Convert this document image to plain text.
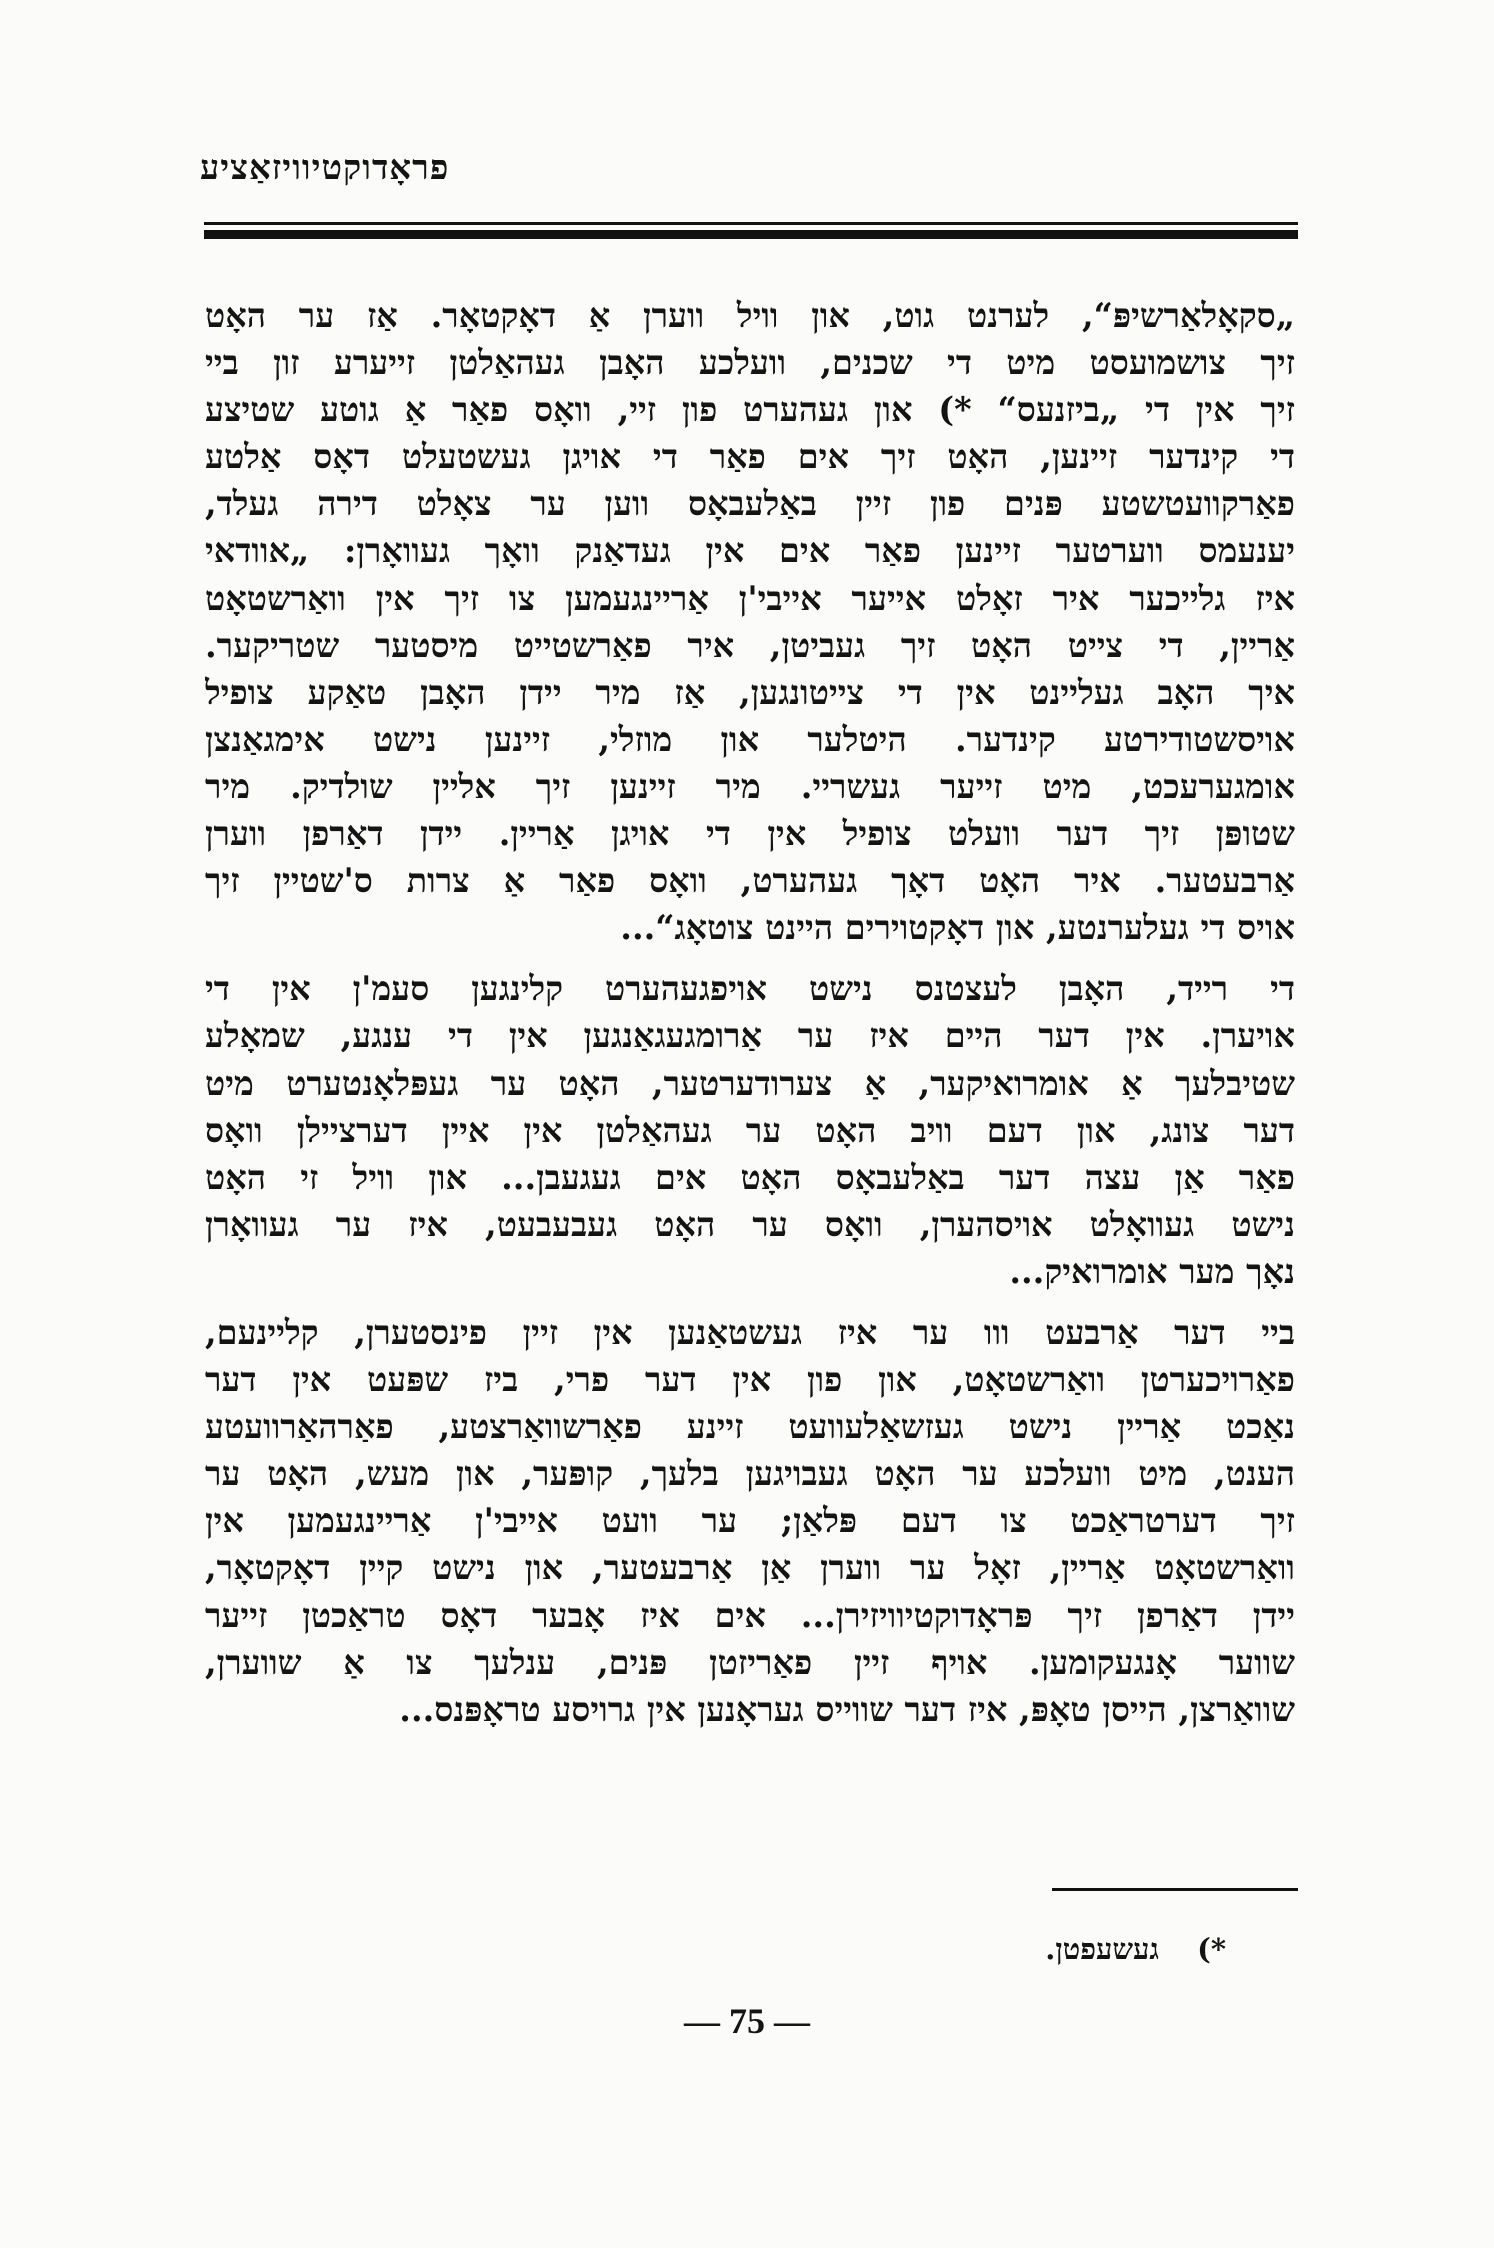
פראָדוקטיוויזאַציע
„סקאָלאַרשיפּ“, לערנט גוט, און וויל ווערן אַ דאָקטאָר. אַז ער האָט
זיך צושמועסט מיט די שכנים, וועלכע האָבן געהאַלטן זייערע זון ביי
זיך אין די „ביזנעס“ *) און געהערט פון זיי, וואָס פאַר אַ גוטע שטיצע
די קינדער זיינען, האָט זיך אים פאַר די אויגן געשטעלט דאָס אַלטע
פאַרקוועטשטע פּנים פון זיין באַלעבאָס ווען ער צאָלט דירה געלד,
יענעמס ווערטער זיינען פאַר אים אין געדאַנק וואָך געוואָרן: „אוודאי
איז גלייכער איר זאָלט אייער אייבי'ן אַריינגעמען צו זיך אין וואַרשטאָט
אַריין, די צייט האָט זיך געביטן, איר פאַרשטייט מיסטער שטריקער.
איך האָב געליינט אין די צייטונגען, אַז מיר יידן האָבן טאַקע צופיל
אויסשטודירטע קינדער. היטלער און מוזלי, זיינען נישט אימגאַנצן
אומגערעכט, מיט זייער געשריי. מיר זיינען זיך אליין שולדיק. מיר
שטופּן זיך דער וועלט צופיל אין די אויגן אַריין. יידן דאַרפן ווערן
אַרבעטער. איר האָט דאָך געהערט, וואָס פאַר אַ צרות ס'שטיין זיך
אויס די געלערנטע, און דאָקטוירים היינט צוטאָג“...
די רייד, האָבן לעצטנס נישט אויפגעהערט קלינגען סעמ'ן אין די
אויערן. אין דער היים איז ער אַרומגעגאַנגען אין די ענגע, שמאָלע
שטיבלעך אַ אומרואיקער, אַ צערודערטער, האָט ער געפּלאָנטערט מיט
דער צונג, און דעם וויב האָט ער געהאַלטן אין איין דערציילן וואָס
פאַר אַן עצה דער באַלעבאָס האָט אים געגעבן... און וויל זי האָט
נישט געוואָלט אויסהערן, וואָס ער האָט געבעבעט, איז ער געוואָרן
נאָך מער אומרואיק...
ביי דער אַרבעט ווו ער איז געשטאַנען אין זיין פינסטערן, קליינעם,
פאַרויכערטן וואַרשטאָט, און פון אין דער פרי, ביז שפּעט אין דער
נאַכט אַריין נישט געזשאַלעוועט זיינע פאַרשוואַרצטע, פאַרהאַרוועטע
הענט, מיט וועלכע ער האָט געבויגען בלעך, קופּער, און מעש, האָט ער
זיך דערטראַכט צו דעם פּלאַן; ער וועט אייבי'ן אַריינגעמען אין
וואַרשטאָט אַריין, זאָל ער ווערן אַן אַרבעטער, און נישט קיין דאָקטאָר,
יידן דאַרפן זיך פּראָדוקטיוויזירן... אים איז אָבער דאָס טראַכטן זייער
שווער אָנגעקומען. אויף זיין פאַריזטן פּנים, ענלעך צו אַ שווערן,
שוואַרצן, הייסן טאָפּ, איז דער שווייס געראָנען אין גרויסע טראָפּנס...
*) געשעפטן.
— 75 —
